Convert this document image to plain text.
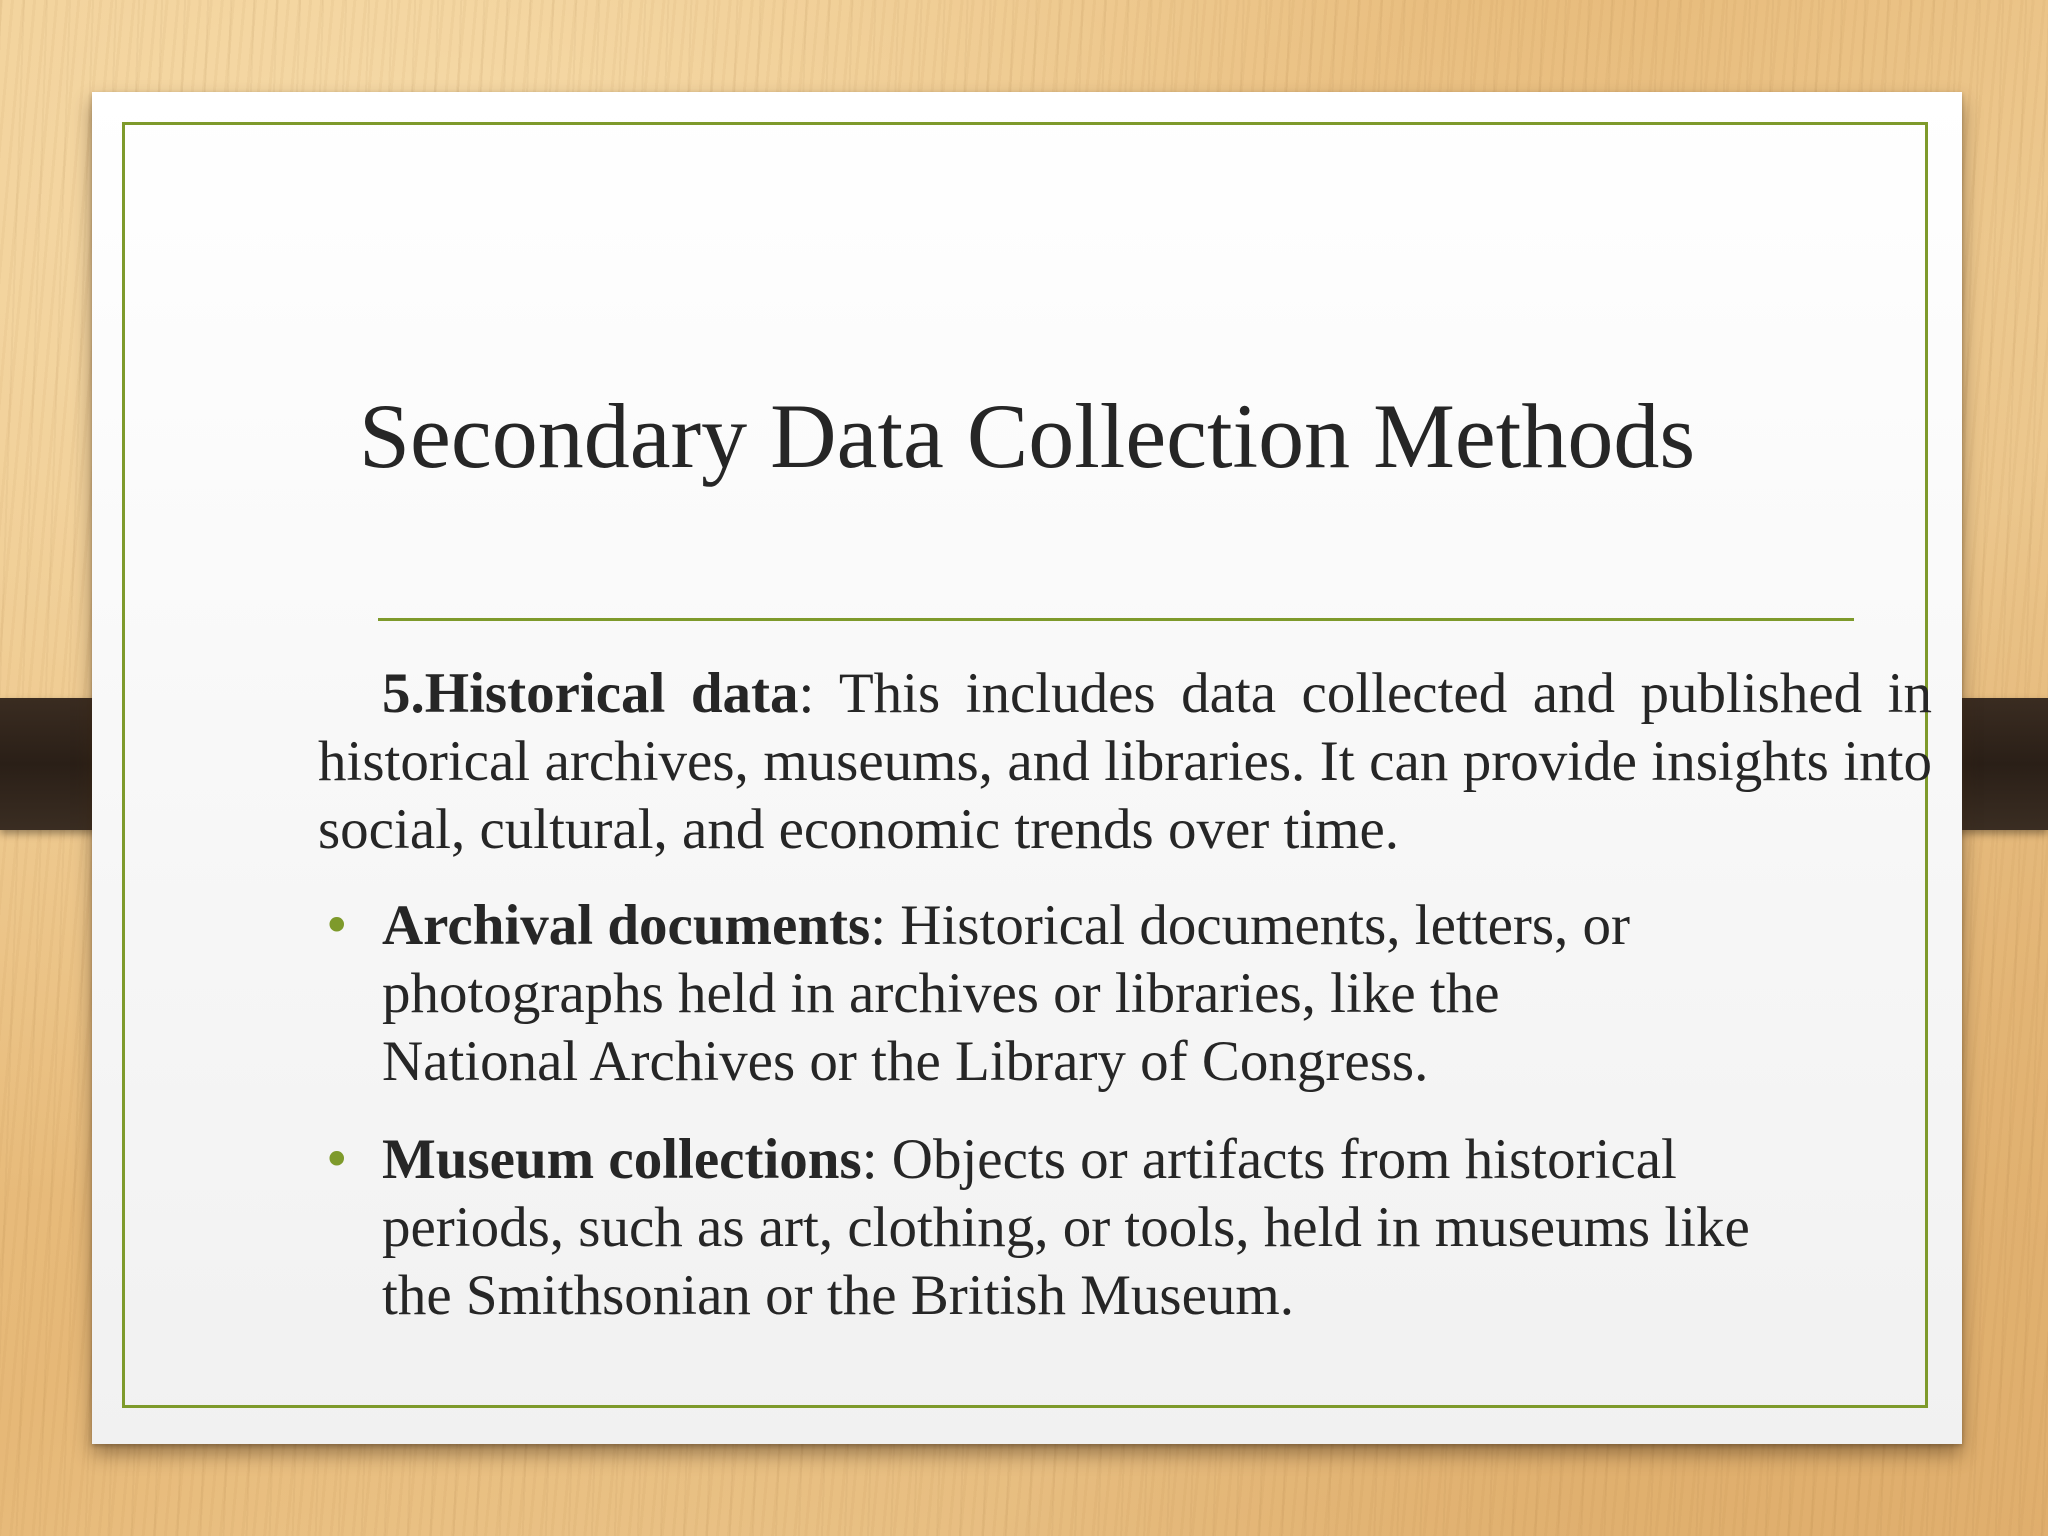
Secondary Data Collection Methods
5.Historical data: This includes data collected and published in historical archives, museums, and libraries. It can provide insights into social, cultural, and economic trends over time.
• Archival documents: Historical documents, letters, or
photographs held in archives or libraries, like the
National Archives or the Library of Congress.
• Museum collections: Objects or artifacts from historical
periods, such as art, clothing, or tools, held in museums like
the Smithsonian or the British Museum.
